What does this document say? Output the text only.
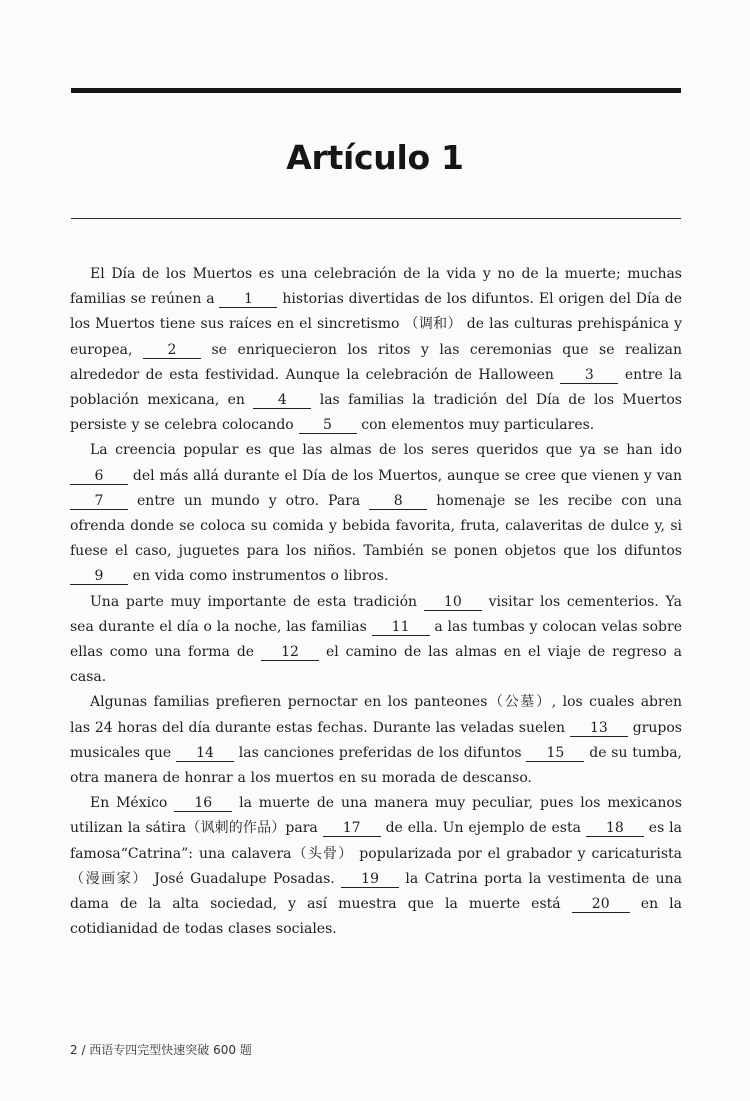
Artículo 1

El Día de los Muertos es una celebración de la vida y no de la muerte; muchas familias se reúnen a 1 historias divertidas de los difuntos. El origen del Día de los Muertos tiene sus raíces en el sincretismo （调和） de las culturas prehispánica y europea, 2 se enriquecieron los ritos y las ceremonias que se realizan alrededor de esta festividad. Aunque la celebración de Halloween 3 entre la población mexicana, en 4 las familias la tradición del Día de los Muertos persiste y se celebra colocando 5 con elementos muy particulares.

La creencia popular es que las almas de los seres queridos que ya se han ido 6 del más allá durante el Día de los Muertos, aunque se cree que vienen y van 7 entre un mundo y otro. Para 8 homenaje se les recibe con una ofrenda donde se coloca su comida y bebida favorita, fruta, calaveritas de dulce y, si fuese el caso, juguetes para los niños. También se ponen objetos que los difuntos 9 en vida como instrumentos o libros.

Una parte muy importante de esta tradición 10 visitar los cementerios. Ya sea durante el día o la noche, las familias 11 a las tumbas y colocan velas sobre ellas como una forma de 12 el camino de las almas en el viaje de regreso a casa.

Algunas familias prefieren pernoctar en los panteones（公墓）, los cuales abren las 24 horas del día durante estas fechas. Durante las veladas suelen 13 grupos musicales que 14 las canciones preferidas de los difuntos 15 de su tumba, otra manera de honrar a los muertos en su morada de descanso.

En México 16 la muerte de una manera muy peculiar, pues los mexicanos utilizan la sátira（讽刺的作品）para 17 de ella. Un ejemplo de esta 18 es la famosa“Catrina”: una calavera（头骨） popularizada por el grabador y caricaturista（漫画家） José Guadalupe Posadas. 19 la Catrina porta la vestimenta de una dama de la alta sociedad, y así muestra que la muerte está 20 en la cotidianidad de todas clases sociales.

2 / 西语专四完型快速突破 600 题
